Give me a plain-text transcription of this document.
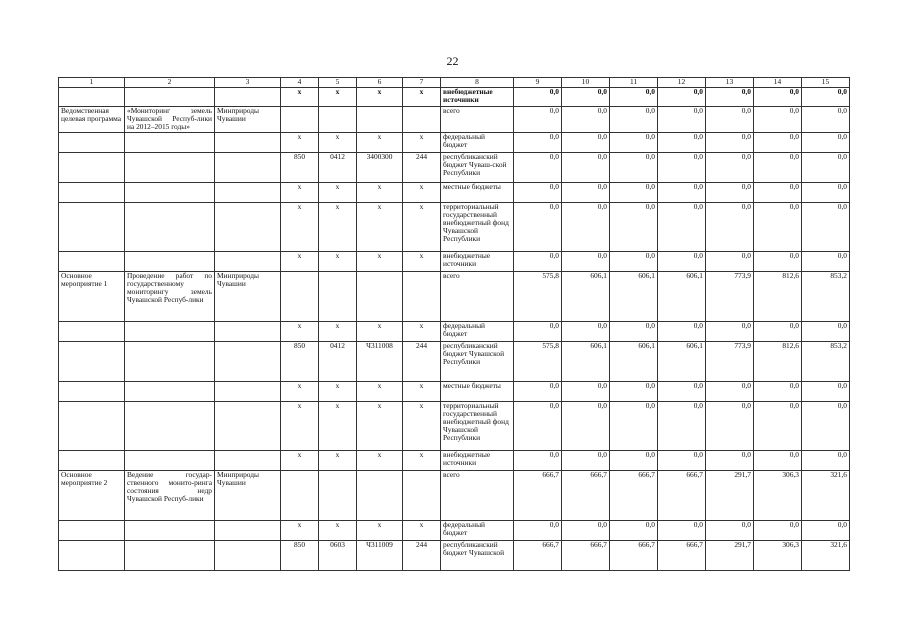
22
1	2	3	4	5	6	7	8	9	10	11	12	13	14	15
			х	х	х	х	внебюджетные источники	0,0	0,0	0,0	0,0	0,0	0,0	0,0
Ведомственная целевая программа	«Мониторинг земель Чувашской Респуб-лики на 2012–2015 годы»	Минприроды Чувашии					всего	0,0	0,0	0,0	0,0	0,0	0,0	0,0
			х	х	х	х	федеральный бюджет	0,0	0,0	0,0	0,0	0,0	0,0	0,0
			850	0412	3400300	244	республиканский бюджет Чуваш-ской Республики	0,0	0,0	0,0	0,0	0,0	0,0	0,0
			х	х	х	х	местные бюджеты	0,0	0,0	0,0	0,0	0,0	0,0	0,0
			х	х	х	х	территориальный государственный внебюджетный фонд Чувашской Республики	0,0	0,0	0,0	0,0	0,0	0,0	0,0
			х	х	х	х	внебюджетные источники	0,0	0,0	0,0	0,0	0,0	0,0	0,0
Основное мероприятие 1	Проведение работ по государственному мониторингу земель Чувашской Респуб-лики	Минприроды Чувашии					всего	575,8	606,1	606,1	606,1	773,9	812,6	853,2
			х	х	х	х	федеральный бюджет	0,0	0,0	0,0	0,0	0,0	0,0	0,0
			850	0412	Ч311008	244	республиканский бюджет Чувашской Республики	575,8	606,1	606,1	606,1	773,9	812,6	853,2
			х	х	х	х	местные бюджеты	0,0	0,0	0,0	0,0	0,0	0,0	0,0
			х	х	х	х	территориальный государственный внебюджетный фонд Чувашской Республики	0,0	0,0	0,0	0,0	0,0	0,0	0,0
			х	х	х	х	внебюджетные источники	0,0	0,0	0,0	0,0	0,0	0,0	0,0
Основное мероприятие 2	Ведение государ-ственного монито-ринга состояния недр Чувашской Респуб-лики	Минприроды Чувашии					всего	666,7	666,7	666,7	666,7	291,7	306,3	321,6
			х	х	х	х	федеральный бюджет	0,0	0,0	0,0	0,0	0,0	0,0	0,0
			850	0603	Ч311009	244	республиканский бюджет Чувашской	666,7	666,7	666,7	666,7	291,7	306,3	321,6
